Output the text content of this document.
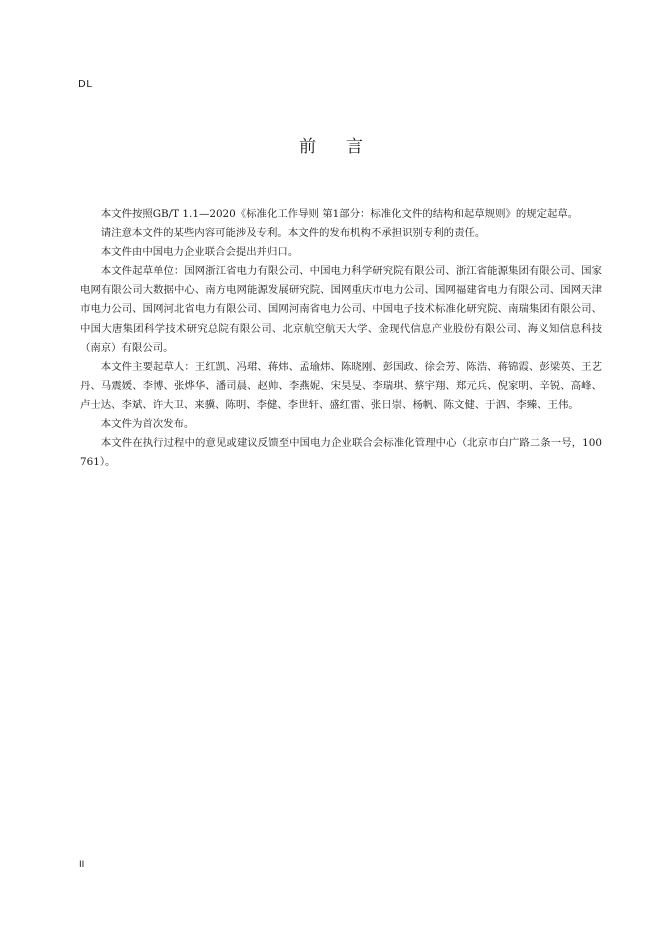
DL
前言

本文件按照GB/T 1.1—2020《标准化工作导则 第1部分：标准化文件的结构和起草规则》的规定起草。

请注意本文件的某些内容可能涉及专利。本文件的发布机构不承担识别专利的责任。

本文件由中国电力企业联合会提出并归口。

本文件起草单位：国网浙江省电力有限公司、中国电力科学研究院有限公司、浙江省能源集团有限公司、国家电网有限公司大数据中心、南方电网能源发展研究院、国网重庆市电力公司、国网福建省电力有限公司、国网天津市电力公司、国网河北省电力有限公司、国网河南省电力公司、中国电子技术标准化研究院、南瑞集团有限公司、中国大唐集团科学技术研究总院有限公司、北京航空航天大学、金现代信息产业股份有限公司、海义知信息科技（南京）有限公司。

本文件主要起草人：王红凯、冯珺、蒋炜、孟瑜炜、陈晓刚、彭国政、徐会芳、陈浩、蒋锦霞、彭梁英、王艺丹、马震媛、李博、张烨华、潘司晨、赵帅、李燕妮、宋昊旻、李瑞琪、蔡宇翔、郑元兵、倪家明、辛锐、高峰、卢士达、李斌、许大卫、来骥、陈明、李健、李世轩、盛红雷、张日崇、杨帆、陈文健、于泗、李臻、王伟。

本文件为首次发布。

本文件在执行过程中的意见或建议反馈至中国电力企业联合会标准化管理中心（北京市白广路二条一号，100761）。

II
